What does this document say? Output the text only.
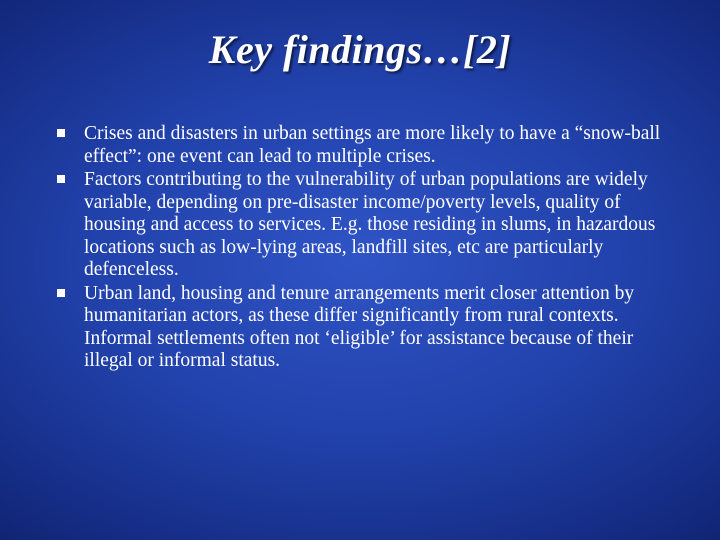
Key findings…[2]
Crises and disasters in urban settings are more likely to have a “snow-ball effect”: one event can lead to multiple crises.
Factors contributing to the vulnerability of urban populations are widely variable, depending on pre-disaster income/poverty levels, quality of housing and access to services. E.g. those residing in slums, in hazardous locations such as low-lying areas, landfill sites, etc are particularly defenceless.
Urban land, housing and tenure arrangements merit closer attention by humanitarian actors, as these differ significantly from rural contexts. Informal settlements often not ‘eligible’ for assistance because of their illegal or informal status.
